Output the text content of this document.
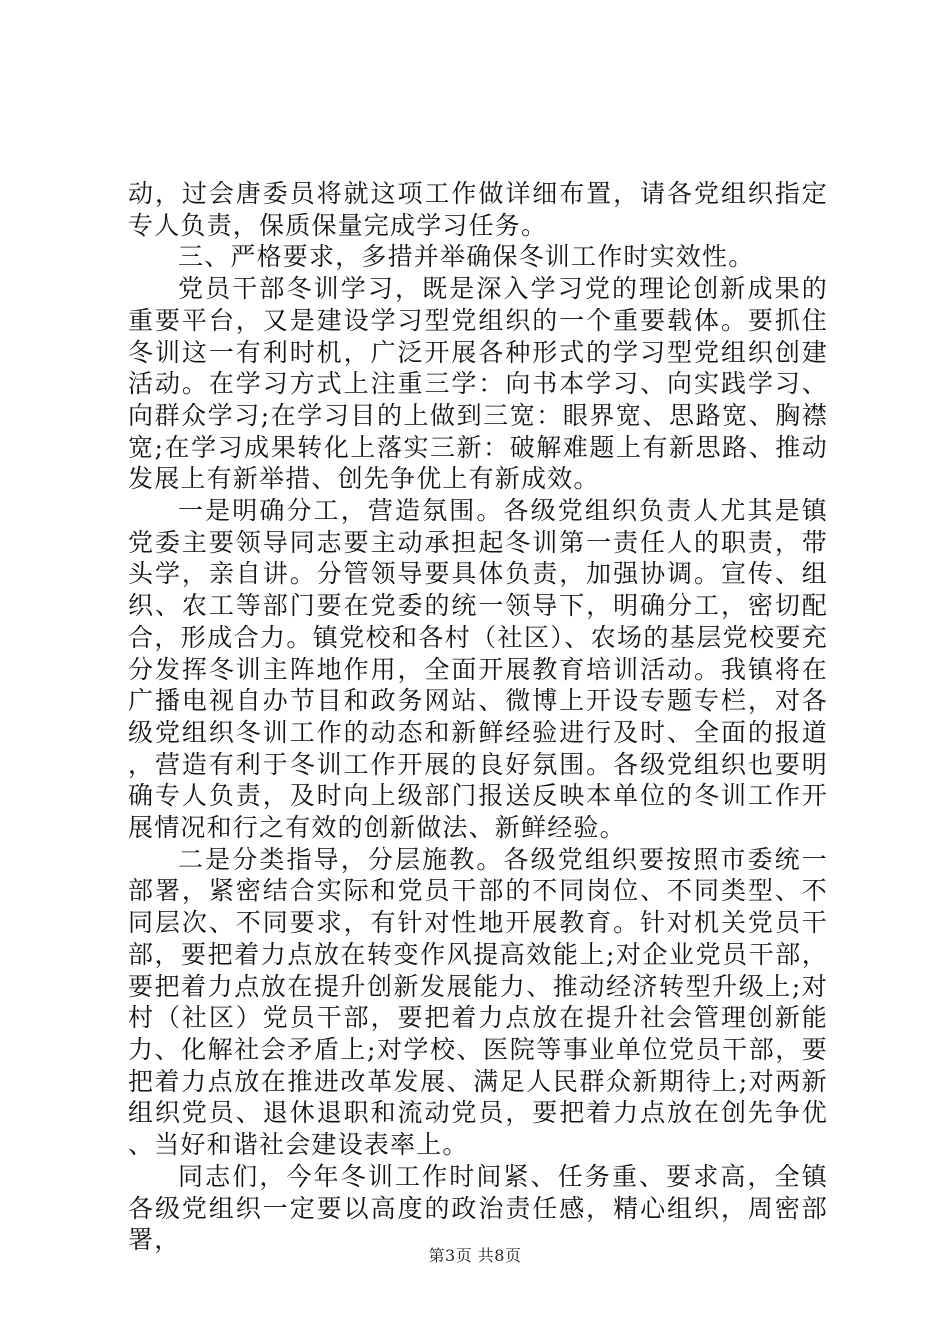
动，过会唐委员将就这项工作做详细布置，请各党组织指定专人负责，保质保量完成学习任务。

三、严格要求，多措并举确保冬训工作时实效性。

党员干部冬训学习，既是深入学习党的理论创新成果的重要平台，又是建设学习型党组织的一个重要载体。要抓住冬训这一有利时机，广泛开展各种形式的学习型党组织创建活动。在学习方式上注重三学：向书本学习、向实践学习、向群众学习;在学习目的上做到三宽：眼界宽、思路宽、胸襟宽;在学习成果转化上落实三新：破解难题上有新思路、推动发展上有新举措、创先争优上有新成效。

一是明确分工，营造氛围。各级党组织负责人尤其是镇党委主要领导同志要主动承担起冬训第一责任人的职责，带头学，亲自讲。分管领导要具体负责，加强协调。宣传、组织、农工等部门要在党委的统一领导下，明确分工，密切配合，形成合力。镇党校和各村（社区）、农场的基层党校要充分发挥冬训主阵地作用，全面开展教育培训活动。我镇将在广播电视自办节目和政务网站、微博上开设专题专栏，对各级党组织冬训工作的动态和新鲜经验进行及时、全面的报道，营造有利于冬训工作开展的良好氛围。各级党组织也要明确专人负责，及时向上级部门报送反映本单位的冬训工作开展情况和行之有效的创新做法、新鲜经验。

二是分类指导，分层施教。各级党组织要按照市委统一部署，紧密结合实际和党员干部的不同岗位、不同类型、不同层次、不同要求，有针对性地开展教育。针对机关党员干部，要把着力点放在转变作风提高效能上;对企业党员干部，要把着力点放在提升创新发展能力、推动经济转型升级上;对村（社区）党员干部，要把着力点放在提升社会管理创新能力、化解社会矛盾上;对学校、医院等事业单位党员干部，要把着力点放在推进改革发展、满足人民群众新期待上;对两新组织党员、退休退职和流动党员，要把着力点放在创先争优、当好和谐社会建设表率上。

同志们，今年冬训工作时间紧、任务重、要求高，全镇各级党组织一定要以高度的政治责任感，精心组织，周密部署，

第3页 共8页
